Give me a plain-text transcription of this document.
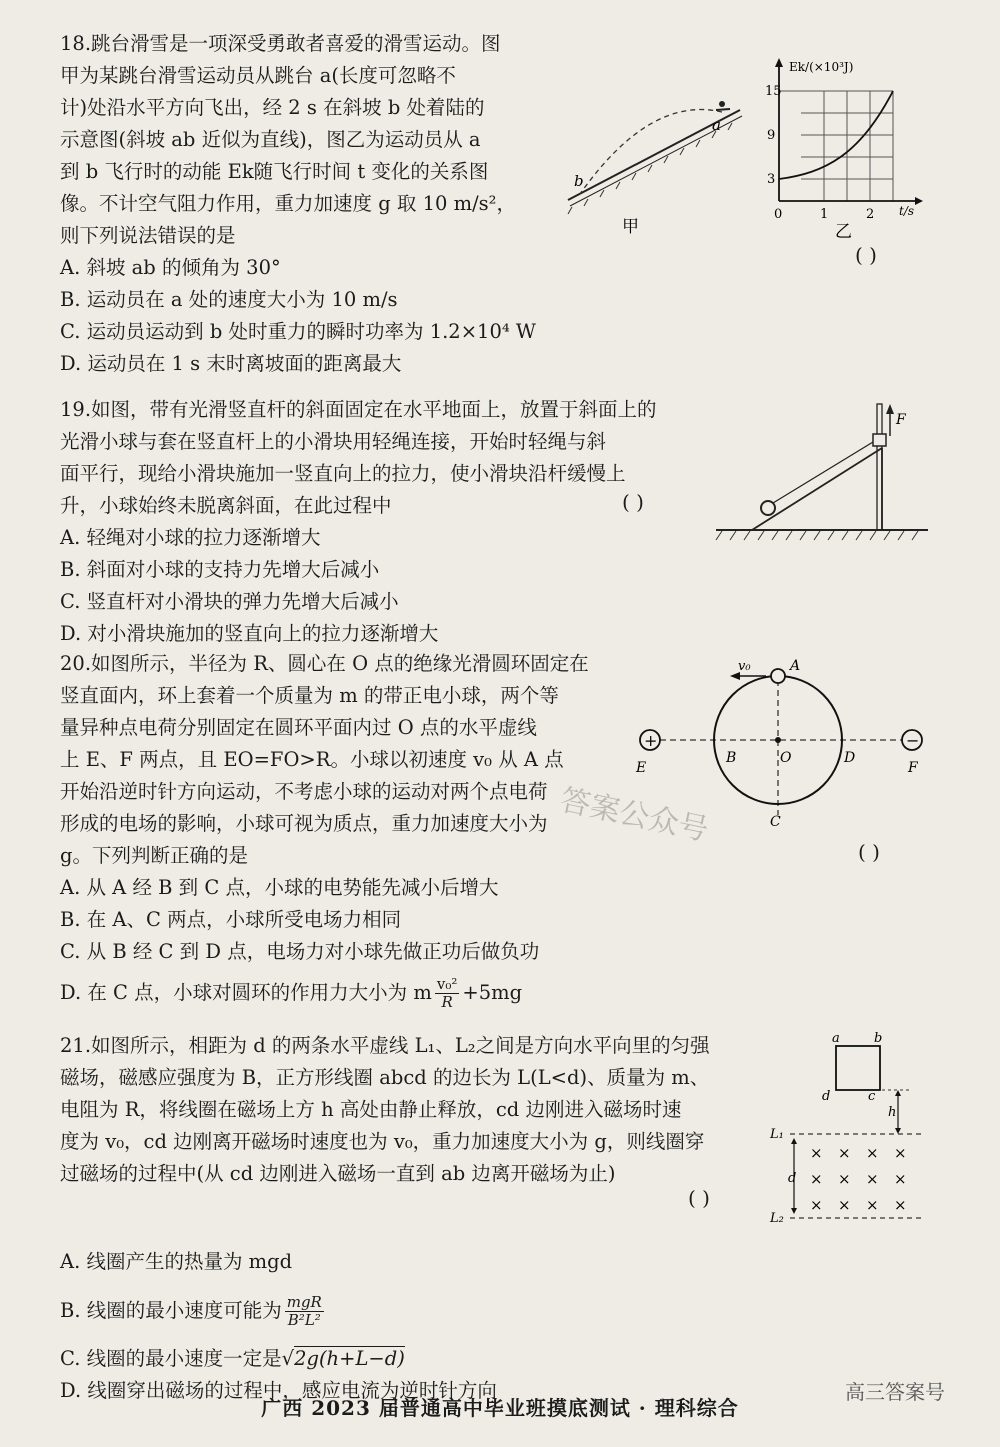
18.跳台滑雪是一项深受勇敢者喜爱的滑雪运动。图

甲为某跳台滑雪运动员从跳台 a(长度可忽略不

计)处沿水平方向飞出，经 2 s 在斜坡 b 处着陆的

示意图(斜坡 ab 近似为直线)，图乙为运动员从 a

到 b 飞行时的动能 Ek随飞行时间 t 变化的关系图

像。不计空气阻力作用，重力加速度 g 取 10 m/s²，

则下列说法错误的是

A. 斜坡 ab 的倾角为 30°

B. 运动员在 a 处的速度大小为 10 m/s

C. 运动员运动到 b 处时重力的瞬时功率为 1.2×10⁴ W

D. 运动员在 1 s 末时离坡面的距离最大

a
b
甲
Ek/(×10³J)
t/s
15
9
3
0	1	2
乙
( )

19.如图，带有光滑竖直杆的斜面固定在水平地面上，放置于斜面上的

光滑小球与套在竖直杆上的小滑块用轻绳连接，开始时轻绳与斜

面平行，现给小滑块施加一竖直向上的拉力，使小滑块沿杆缓慢上

升，小球始终未脱离斜面，在此过程中

A. 轻绳对小球的拉力逐渐增大

B. 斜面对小球的支持力先增大后减小

C. 竖直杆对小滑块的弹力先增大后减小

D. 对小滑块施加的竖直向上的拉力逐渐增大

( )
F

20.如图所示，半径为 R、圆心在 O 点的绝缘光滑圆环固定在

竖直面内，环上套着一个质量为 m 的带正电小球，两个等

量异种点电荷分别固定在圆环平面内过 O 点的水平虚线

上 E、F 两点，且 EO=FO>R。小球以初速度 v₀ 从 A 点

开始沿逆时针方向运动，不考虑小球的运动对两个点电荷

形成的电场的影响，小球可视为质点，重力加速度大小为

g。下列判断正确的是

A. 从 A 经 B 到 C 点，小球的电势能先减小后增大

B. 在 A、C 两点，小球所受电场力相同

C. 从 B 经 C 到 D 点，电场力对小球先做正功后做负功

D. 在 C 点，小球对圆环的作用力大小为 m $\frac{\text{v₀²}}{R} +5mg$

( )
+	−
v₀	A
B	O	D
C
E	F

21.如图所示，相距为 d 的两条水平虚线 L₁、L₂之间是方向水平向里的匀强

磁场，磁感应强度为 B，正方形线圈 abcd 的边长为 L(L<d)、质量为 m、

电阻为 R，将线圈在磁场上方 h 高处由静止释放，cd 边刚进入磁场时速

度为 v₀，cd 边刚离开磁场时速度也为 v₀，重力加速度大小为 g，则线圈穿

过磁场的过程中(从 cd 边刚进入磁场一直到 ab 边离开磁场为止)

A. 线圈产生的热量为 mgd

B. 线圈的最小速度可能为 mgR
B²L²

C. 线圈的最小速度一定是√2g(h+L−d)

D. 线圈穿出磁场的过程中，感应电流为逆时针方向

( )
a	b
d	c
h
L₁
L₂
d
× × × ×
× × × ×
× × × ×
答案公众号
高三答案号
广西 2023 届普通高中毕业班摸底测试 · 理科综合
